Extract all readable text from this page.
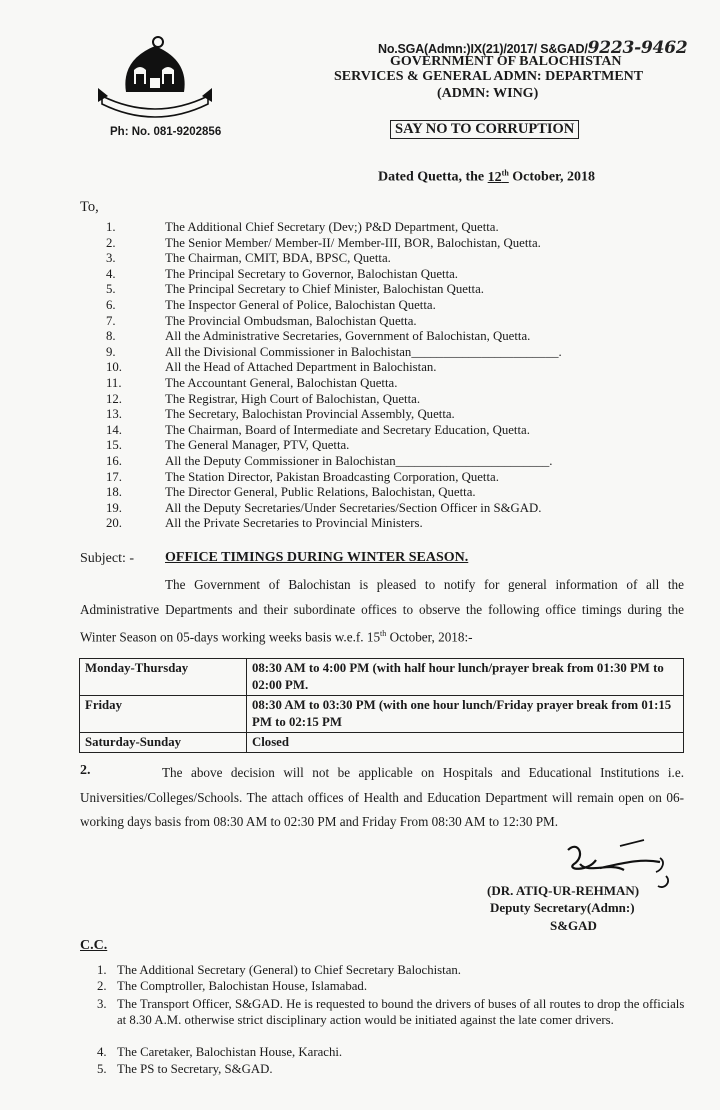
Ph: No. 081-9202856
No.SGA(Admn:)IX(21)/2017/ S&GAD/9223-9462
GOVERNMENT OF BALOCHISTAN
SERVICES & GENERAL ADMN: DEPARTMENT
(ADMN: WING)
SAY NO TO CORRUPTION
Dated Quetta, the 12th October, 2018
To,
1.	The Additional Chief Secretary (Dev;) P&D Department, Quetta.
2.	The Senior Member/ Member-II/ Member-III, BOR, Balochistan, Quetta.
3.	The Chairman, CMIT, BDA, BPSC, Quetta.
4.	The Principal Secretary to Governor, Balochistan Quetta.
5.	The Principal Secretary to Chief Minister, Balochistan Quetta.
6.	The Inspector General of Police, Balochistan Quetta.
7.	The Provincial Ombudsman, Balochistan Quetta.
8.	All the Administrative Secretaries, Government of Balochistan, Quetta.
9.	All the Divisional Commissioner in Balochistan_______________________.
10.	All the Head of Attached Department in Balochistan.
11.	The Accountant General, Balochistan Quetta.
12.	The Registrar, High Court of Balochistan, Quetta.
13.	The Secretary, Balochistan Provincial Assembly, Quetta.
14.	The Chairman, Board of Intermediate and Secretary Education, Quetta.
15.	The General Manager, PTV, Quetta.
16.	All the Deputy Commissioner in Balochistan________________________.
17.	The Station Director, Pakistan Broadcasting Corporation, Quetta.
18.	The Director General, Public Relations, Balochistan, Quetta.
19.	All the Deputy Secretaries/Under Secretaries/Section Officer in S&GAD.
20.	All the Private Secretaries to Provincial Ministers.
Subject: - OFFICE TIMINGS DURING WINTER SEASON.
The Government of Balochistan is pleased to notify for general information of all the Administrative Departments and their subordinate offices to observe the following office timings during the Winter Season on 05-days working weeks basis w.e.f. 15th October, 2018:-
Monday-Thursday	08:30 AM to 4:00 PM (with half hour lunch/prayer break from 01:30 PM to 02:00 PM.
Friday	08:30 AM to 03:30 PM (with one hour lunch/Friday prayer break from 01:15 PM to 02:15 PM
Saturday-Sunday	Closed
2.	The above decision will not be applicable on Hospitals and Educational Institutions i.e. Universities/Colleges/Schools. The attach offices of Health and Education Department will remain open on 06-working days basis from 08:30 AM to 02:30 PM and Friday From 08:30 AM to 12:30 PM.
(DR. ATIQ-UR-REHMAN)
Deputy Secretary(Admn:)
S&GAD
C.C.
1. The Additional Secretary (General) to Chief Secretary Balochistan.
2. The Comptroller, Balochistan House, Islamabad.
3. The Transport Officer, S&GAD. He is requested to bound the drivers of buses of all routes to drop the officials at 8.30 A.M. otherwise strict disciplinary action would be initiated against the late comer drivers.
4. The Caretaker, Balochistan House, Karachi.
5. The PS to Secretary, S&GAD.
